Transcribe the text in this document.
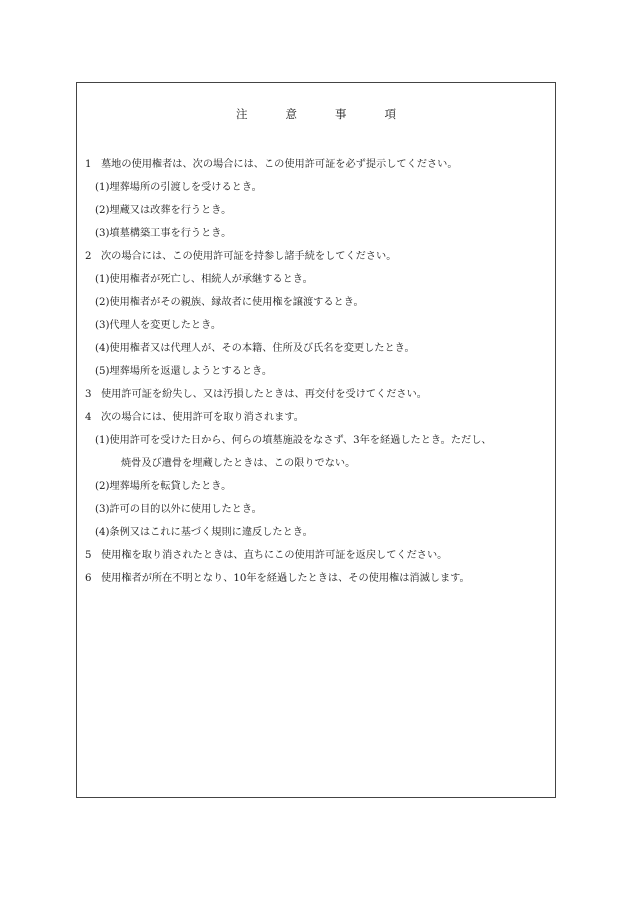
注	意	事	項
1 墓地の使用権者は、次の場合には、この使用許可証を必ず提示してください。
(1)埋葬場所の引渡しを受けるとき。
(2)埋蔵又は改葬を行うとき。
(3)墳墓構築工事を行うとき。
2 次の場合には、この使用許可証を持参し諸手続をしてください。
(1)使用権者が死亡し、相続人が承継するとき。
(2)使用権者がその親族、縁故者に使用権を譲渡するとき。
(3)代理人を変更したとき。
(4)使用権者又は代理人が、その本籍、住所及び氏名を変更したとき。
(5)埋葬場所を返還しようとするとき。
3 使用許可証を紛失し、又は汚損したときは、再交付を受けてください。
4 次の場合には、使用許可を取り消されます。
(1)使用許可を受けた日から、何らの墳墓施設をなさず、3年を経過したとき。ただし、
焼骨及び遺骨を埋蔵したときは、この限りでない。
(2)埋葬場所を転貸したとき。
(3)許可の目的以外に使用したとき。
(4)条例又はこれに基づく規則に違反したとき。
5 使用権を取り消されたときは、直ちにこの使用許可証を返戻してください。
6 使用権者が所在不明となり、10年を経過したときは、その使用権は消滅します。
